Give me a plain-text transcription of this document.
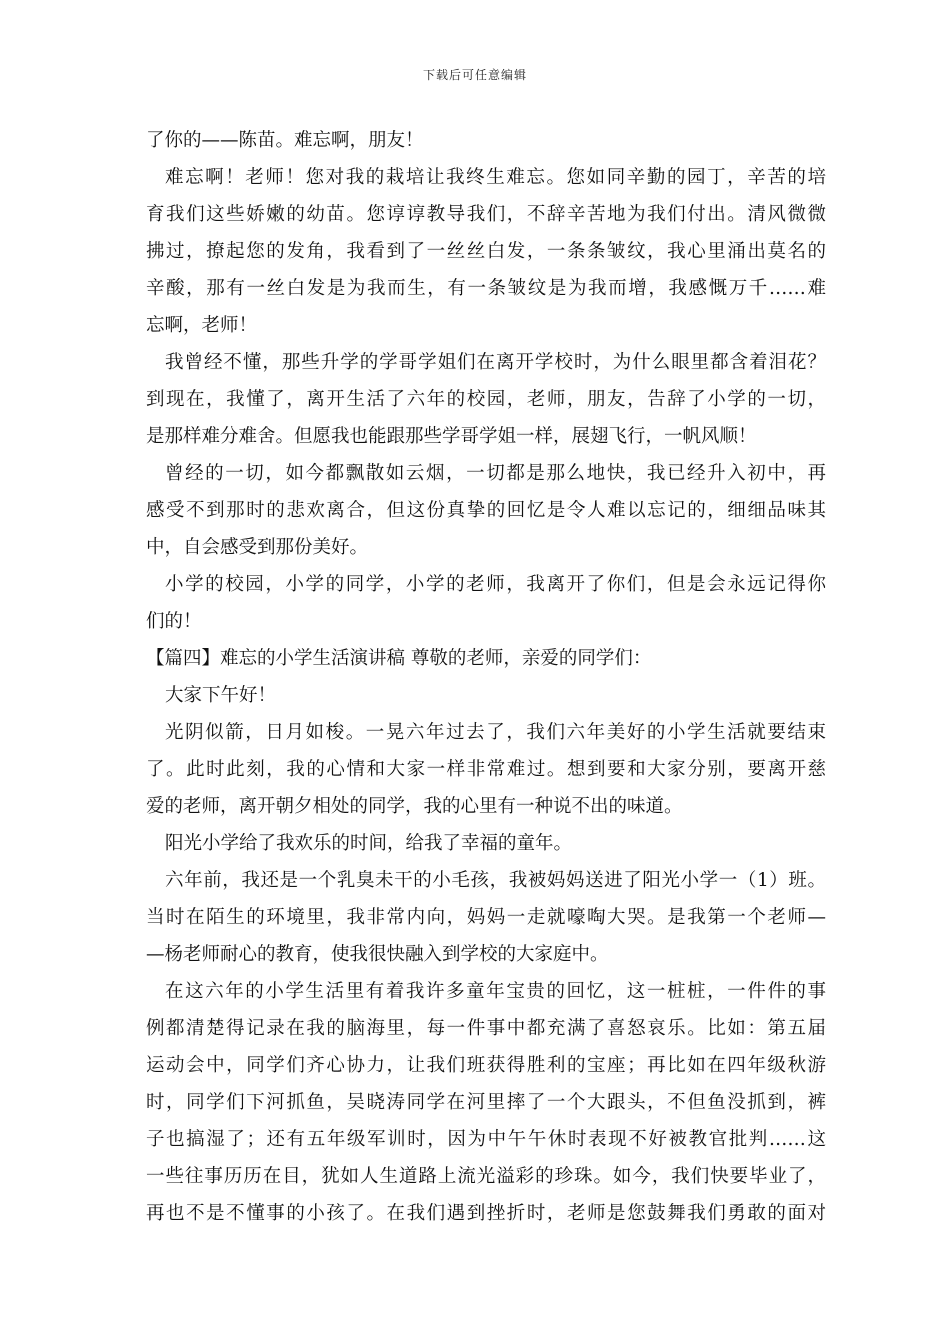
下载后可任意编辑
了你的——陈苗。难忘啊，朋友！
难忘啊！老师！您对我的栽培让我终生难忘。您如同辛勤的园丁，辛苦的培
育我们这些娇嫩的幼苗。您谆谆教导我们，不辞辛苦地为我们付出。清风微微
拂过，撩起您的发角，我看到了一丝丝白发，一条条皱纹，我心里涌出莫名的
辛酸，那有一丝白发是为我而生，有一条皱纹是为我而增，我感慨万千……难
忘啊，老师！
我曾经不懂，那些升学的学哥学姐们在离开学校时，为什么眼里都含着泪花？
到现在，我懂了，离开生活了六年的校园，老师，朋友，告辞了小学的一切，
是那样难分难舍。但愿我也能跟那些学哥学姐一样，展翅飞行，一帆风顺！
曾经的一切，如今都飘散如云烟，一切都是那么地快，我已经升入初中，再
感受不到那时的悲欢离合，但这份真挚的回忆是令人难以忘记的，细细品味其
中，自会感受到那份美好。
小学的校园，小学的同学，小学的老师，我离开了你们，但是会永远记得你
们的！
【篇四】难忘的小学生活演讲稿 尊敬的老师，亲爱的同学们：
大家下午好！
光阴似箭，日月如梭。一晃六年过去了，我们六年美好的小学生活就要结束
了。此时此刻，我的心情和大家一样非常难过。想到要和大家分别，要离开慈
爱的老师，离开朝夕相处的同学，我的心里有一种说不出的味道。
阳光小学给了我欢乐的时间，给我了幸福的童年。
六年前，我还是一个乳臭未干的小毛孩，我被妈妈送进了阳光小学一（1）班。
当时在陌生的环境里，我非常内向，妈妈一走就嚎啕大哭。是我第一个老师—
—杨老师耐心的教育，使我很快融入到学校的大家庭中。
在这六年的小学生活里有着我许多童年宝贵的回忆，这一桩桩，一件件的事
例都清楚得记录在我的脑海里，每一件事中都充满了喜怒哀乐。比如：第五届
运动会中，同学们齐心协力，让我们班获得胜利的宝座；再比如在四年级秋游
时，同学们下河抓鱼，吴晓涛同学在河里摔了一个大跟头，不但鱼没抓到，裤
子也搞湿了；还有五年级军训时，因为中午午休时表现不好被教官批判……这
一些往事历历在目，犹如人生道路上流光溢彩的珍珠。如今，我们快要毕业了，
再也不是不懂事的小孩了。在我们遇到挫折时，老师是您鼓舞我们勇敢的面对
